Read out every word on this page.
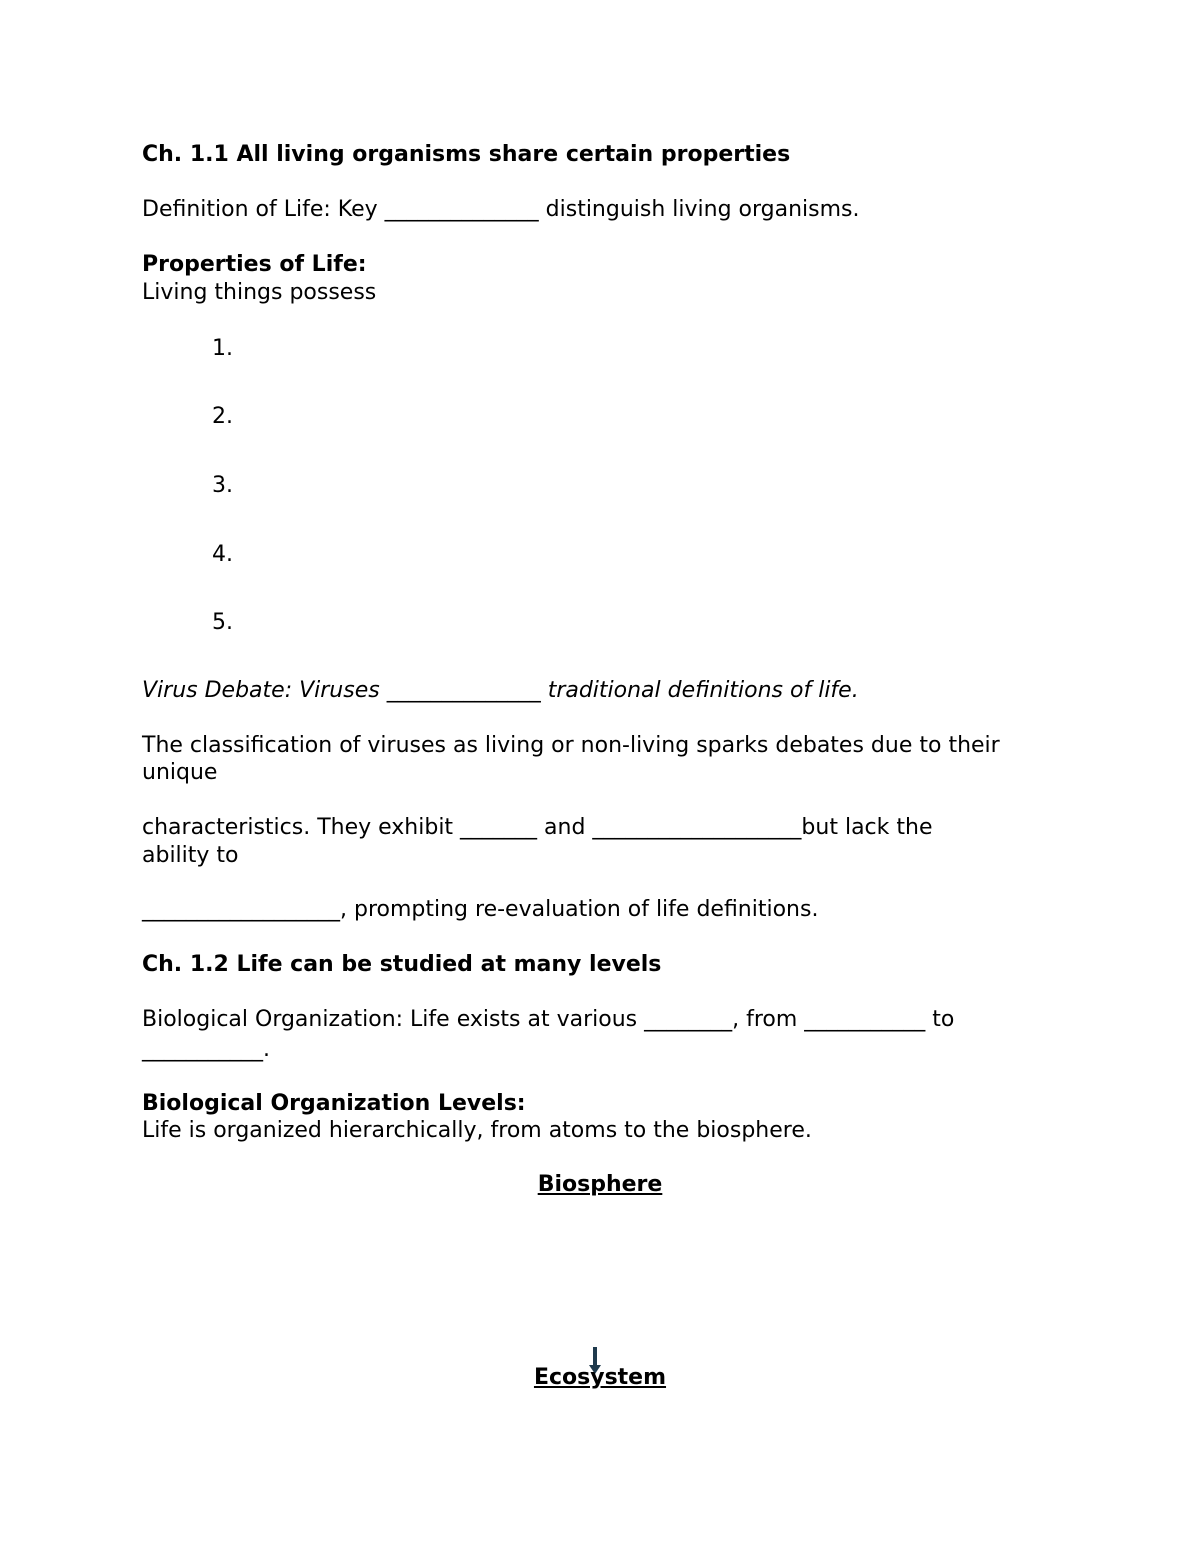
Ch. 1.1 All living organisms share certain properties
Definition of Life: Key ______________ distinguish living organisms.
Properties of Life:
Living things possess
1.
2.
3.
4.
5.
Virus Debate: Viruses ______________ traditional definitions of life.
The classification of viruses as living or non-living sparks debates due to their
unique
characteristics. They exhibit _______ and ___________________but lack the
ability to
__________________, prompting re-evaluation of life definitions.
Ch. 1.2 Life can be studied at many levels
Biological Organization: Life exists at various ________, from ___________ to
___________.
Biological Organization Levels:
Life is organized hierarchically, from atoms to the biosphere.
Biosphere
Ecosystem
